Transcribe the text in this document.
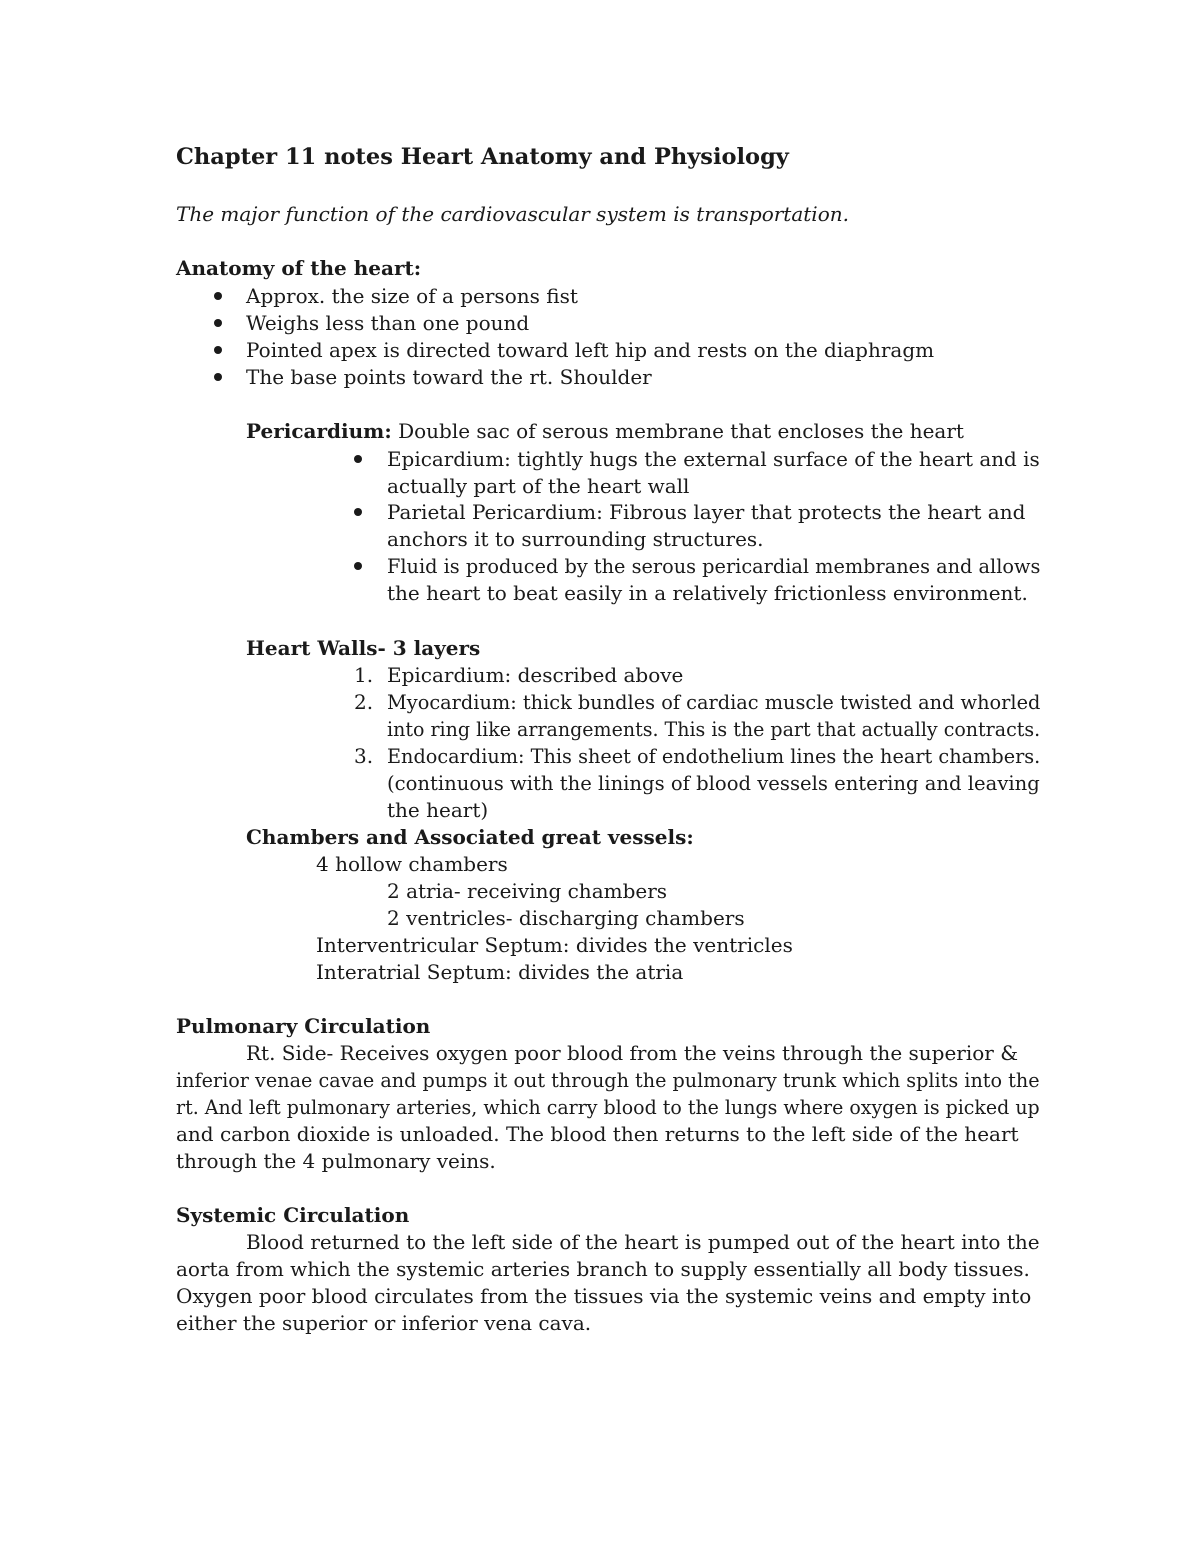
Chapter 11 notes Heart Anatomy and Physiology
The major function of the cardiovascular system is transportation.
Anatomy of the heart:
Approx. the size of a persons fist
Weighs less than one pound
Pointed apex is directed toward left hip and rests on the diaphragm
The base points toward the rt. Shoulder
Pericardium: Double sac of serous membrane that encloses the heart
Epicardium: tightly hugs the external surface of the heart and is
actually part of the heart wall
Parietal Pericardium: Fibrous layer that protects the heart and
anchors it to surrounding structures.
Fluid is produced by the serous pericardial membranes and allows
the heart to beat easily in a relatively frictionless environment.
Heart Walls- 3 layers
1. Epicardium: described above
2. Myocardium: thick bundles of cardiac muscle twisted and whorled
into ring like arrangements. This is the part that actually contracts.
3. Endocardium: This sheet of endothelium lines the heart chambers.
(continuous with the linings of blood vessels entering and leaving
the heart)
Chambers and Associated great vessels:
4 hollow chambers
2 atria- receiving chambers
2 ventricles- discharging chambers
Interventricular Septum: divides the ventricles
Interatrial Septum: divides the atria
Pulmonary Circulation
Rt. Side- Receives oxygen poor blood from the veins through the superior &
inferior venae cavae and pumps it out through the pulmonary trunk which splits into the
rt. And left pulmonary arteries, which carry blood to the lungs where oxygen is picked up
and carbon dioxide is unloaded. The blood then returns to the left side of the heart
through the 4 pulmonary veins.
Systemic Circulation
Blood returned to the left side of the heart is pumped out of the heart into the
aorta from which the systemic arteries branch to supply essentially all body tissues.
Oxygen poor blood circulates from the tissues via the systemic veins and empty into
either the superior or inferior vena cava.
